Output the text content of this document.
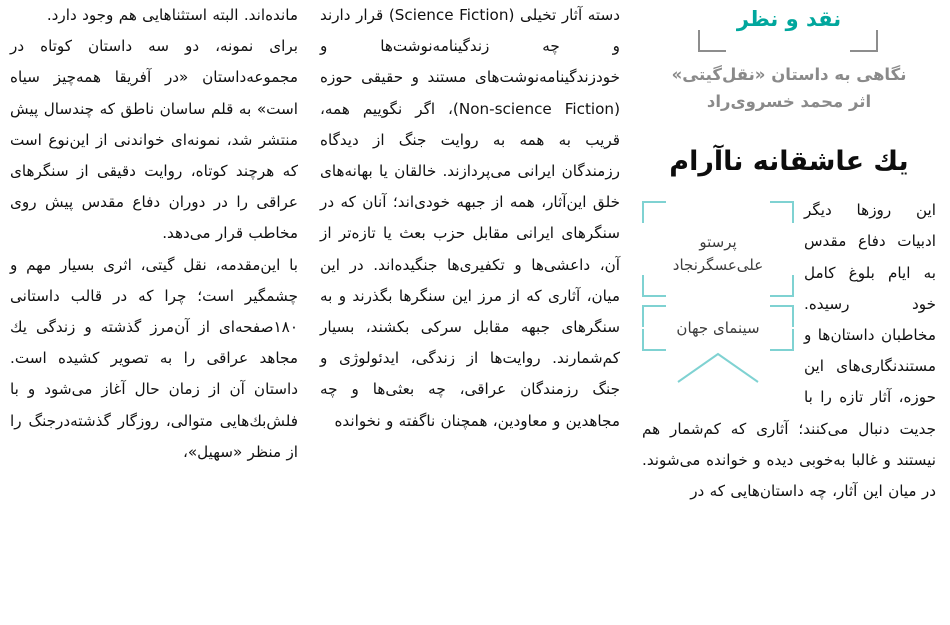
نقد و نظر
نگاهی به داستان «نقل‌گیتی»
اثر محمد خسروی‌راد
یك عاشقانه ناآرام
پرستو
علی‌عسگرنجاد
سینمای جهان

این روزها دیگر ادبیات دفاع مقدس به ایام بلوغ کامل خود رسیده. مخاطبان داستان‌ها و مستندنگاری‌های این حوزه، آثار تازه را با جدیت دنبال می‌کنند؛ آثاری که کم‌شمار هم نیستند و غالبا به‌خوبی دیده و خوانده می‌شوند. در میان این آثار، چه داستان‌هایی که در

دسته آثار تخیلی (Science Fiction) قرار دارند و چه زندگینامه‌نوشت‌ها و خودزندگینامه‌نوشت‌های مستند و حقیقی حوزه (Non-science Fiction)، اگر نگوییم همه، قریب به همه به روایت جنگ از دیدگاه رزمندگان ایرانی می‌پردازند. خالقان یا بهانه‌های خلق این‌آثار، همه از جبهه خودی‌اند؛ آنان که در سنگرهای ایرانی مقابل حزب بعث یا تازه‌تر از آن، داعشی‌ها و تکفیری‌ها جنگیده‌اند. در این میان، آثاری که از مرز این سنگرها بگذرند و به سنگرهای جبهه مقابل سرکی بکشند، بسیار کم‌شمارند. روایت‌ها از زندگی، ایدئولوژی و جنگ رزمندگان عراقی، چه بعثی‌ها و چه مجاهدین و معاودین، همچنان ناگفته و نخوانده

مانده‌اند. البته استثناهایی هم وجود دارد.

برای نمونه، دو سه داستان کوتاه در مجموعه‌داستان «در آفریقا همه‌چیز سیاه است» به قلم ساسان ناطق که چندسال پیش منتشر شد، نمونه‌ای خواندنی از این‌نوع است که هرچند کوتاه، روایت دقیقی از سنگرهای عراقی را در دوران دفاع مقدس پیش روی مخاطب قرار می‌دهد.

با این‌مقدمه، نقل گیتی، اثری بسیار مهم و چشمگیر است؛ چرا که در قالب داستانی ۱۸۰صفحه‌ای از آن‌مرز گذشته و زندگی یك مجاهد عراقی را به تصویر کشیده است. داستان آن از زمان حال آغاز می‌شود و با فلش‌بك‌هایی متوالی، روزگار گذشته‌درجنگ را از منظر «سهیل»،
